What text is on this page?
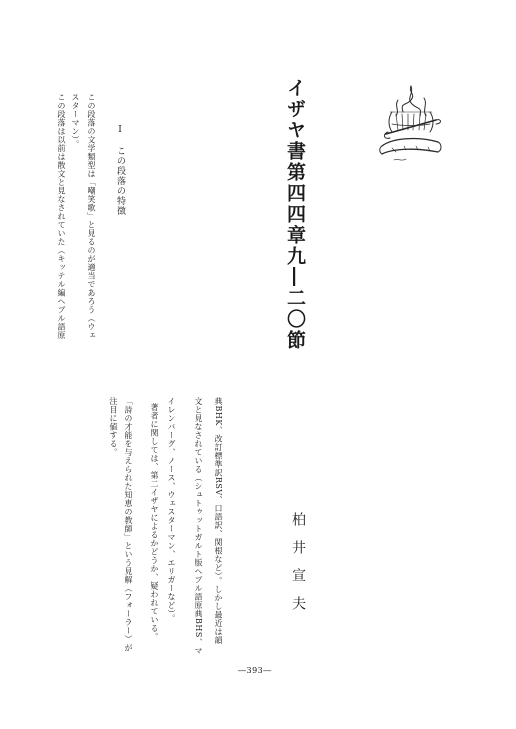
イザヤ書第四四章九―二〇節
Ⅰ　この段落の特徴
この段落の文学類型は「嘲笑歌」と見るのが適当であろう（ウェ
スターマン）。
この段落は以前は散文と見なされていた（キッテル編ヘブル語原
典BHK、改訂標準訳RSV、口語訳、関根など）。しかし最近は韻
文と見なされている（シュトゥットガルト版ヘブル語原典BHS、マ
イレンバーグ、ノース、ウェスターマン、エリガーなど）。
著者に関しては、第二イザヤによるかどうか、疑われている。
「詩の才能を与えられた知恵の教師」という見解（フォーラー）が
注目に値する。
柏井宣夫
―393―
